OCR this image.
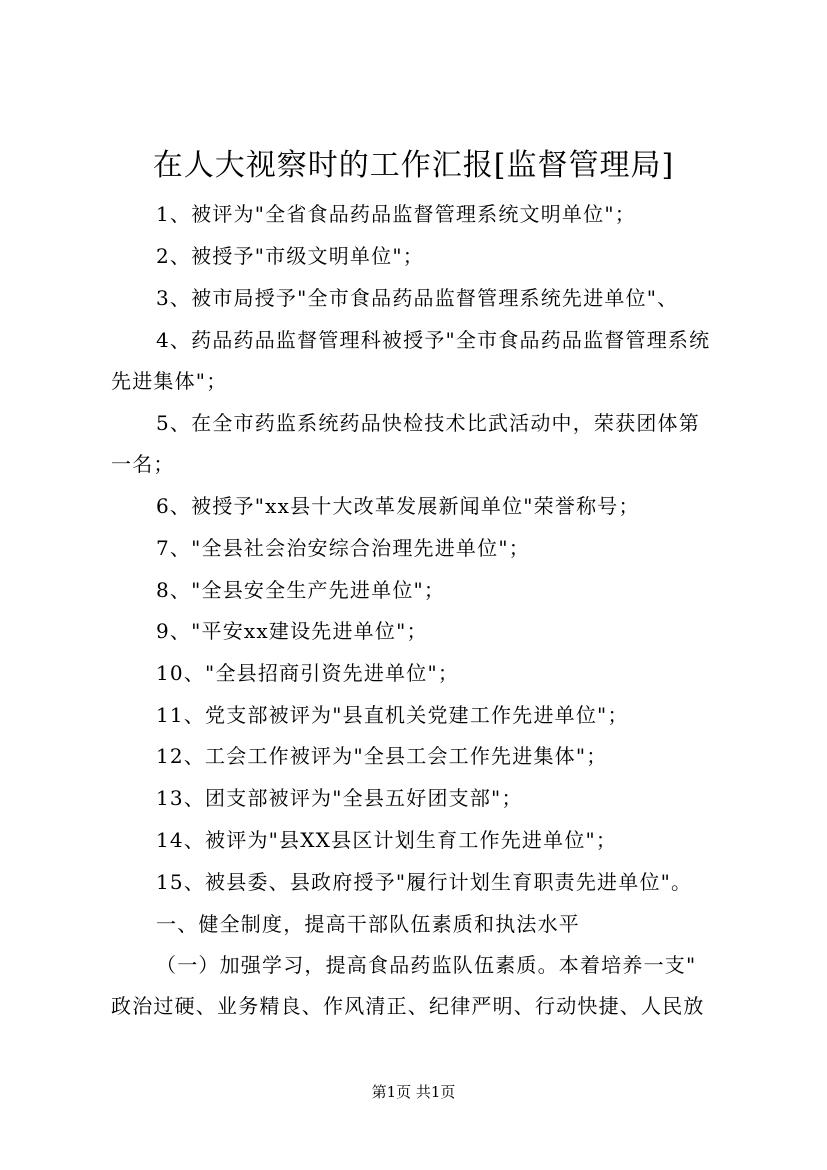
在人大视察时的工作汇报[监督管理局]
1、被评为"全省食品药品监督管理系统文明单位"；
2、被授予"市级文明单位"；
3、被市局授予"全市食品药品监督管理系统先进单位"、
4、药品药品监督管理科被授予"全市食品药品监督管理系统
先进集体"；
5、在全市药监系统药品快检技术比武活动中，荣获团体第
一名；
6、被授予"xx县十大改革发展新闻单位"荣誉称号；
7、"全县社会治安综合治理先进单位"；
8、"全县安全生产先进单位"；
9、"平安xx建设先进单位"；
10、"全县招商引资先进单位"；
11、党支部被评为"县直机关党建工作先进单位"；
12、工会工作被评为"全县工会工作先进集体"；
13、团支部被评为"全县五好团支部"；
14、被评为"县XX县区计划生育工作先进单位"；
15、被县委、县政府授予"履行计划生育职责先进单位"。
一、健全制度，提高干部队伍素质和执法水平
（一）加强学习，提高食品药监队伍素质。本着培养一支"
政治过硬、业务精良、作风清正、纪律严明、行动快捷、人民放
第1页 共1页
